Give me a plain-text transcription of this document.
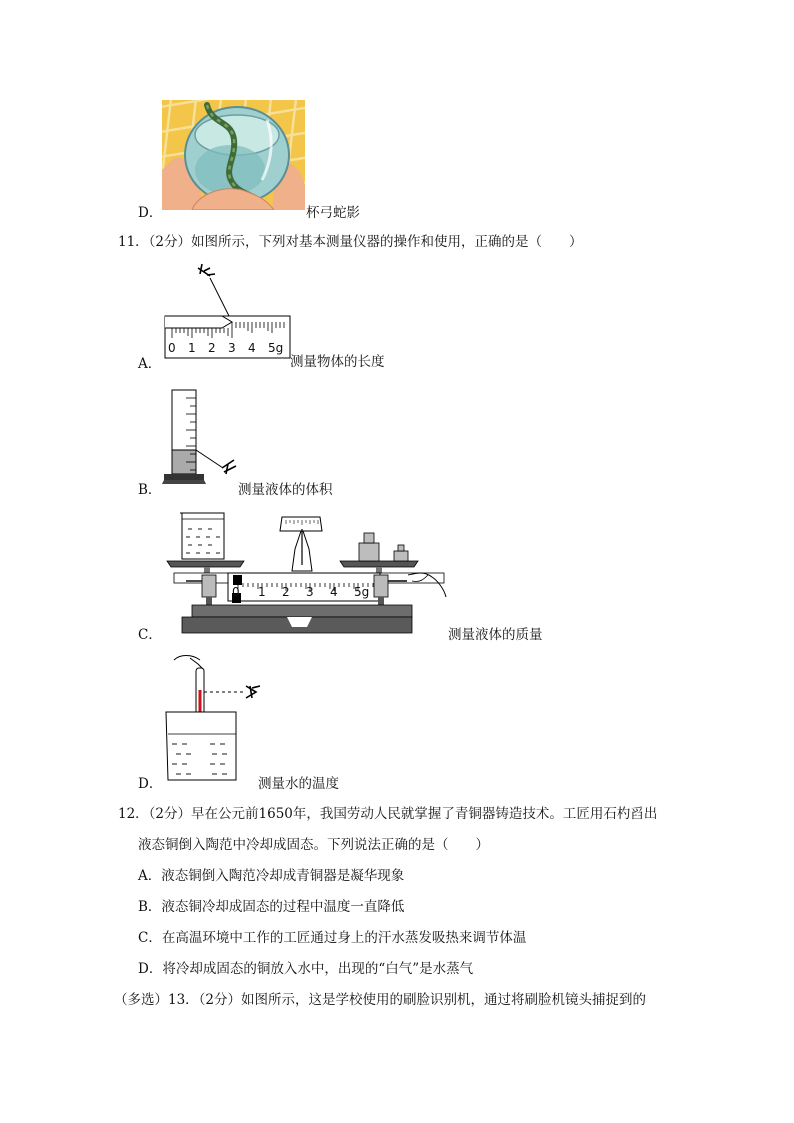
D．	杯弓蛇影
11．（2分）如图所示，下列对基本测量仪器的操作和使用，正确的是（　　）
0 1 2 3 4 5g
A．	测量物体的长度
B．	测量液体的体积
0 1 2 3 4 5g
C．	测量液体的质量
D．	测量水的温度
12．（2分）早在公元前1650年，我国劳动人民就掌握了青铜器铸造技术。工匠用石杓舀出
液态铜倒入陶范中冷却成固态。下列说法正确的是（　　）
A．液态铜倒入陶范冷却成青铜器是凝华现象
B．液态铜冷却成固态的过程中温度一直降低
C．在高温环境中工作的工匠通过身上的汗水蒸发吸热来调节体温
D．将冷却成固态的铜放入水中，出现的“白气”是水蒸气
（多选）13．（2分）如图所示，这是学校使用的刷脸识别机，通过将刷脸机镜头捕捉到的
